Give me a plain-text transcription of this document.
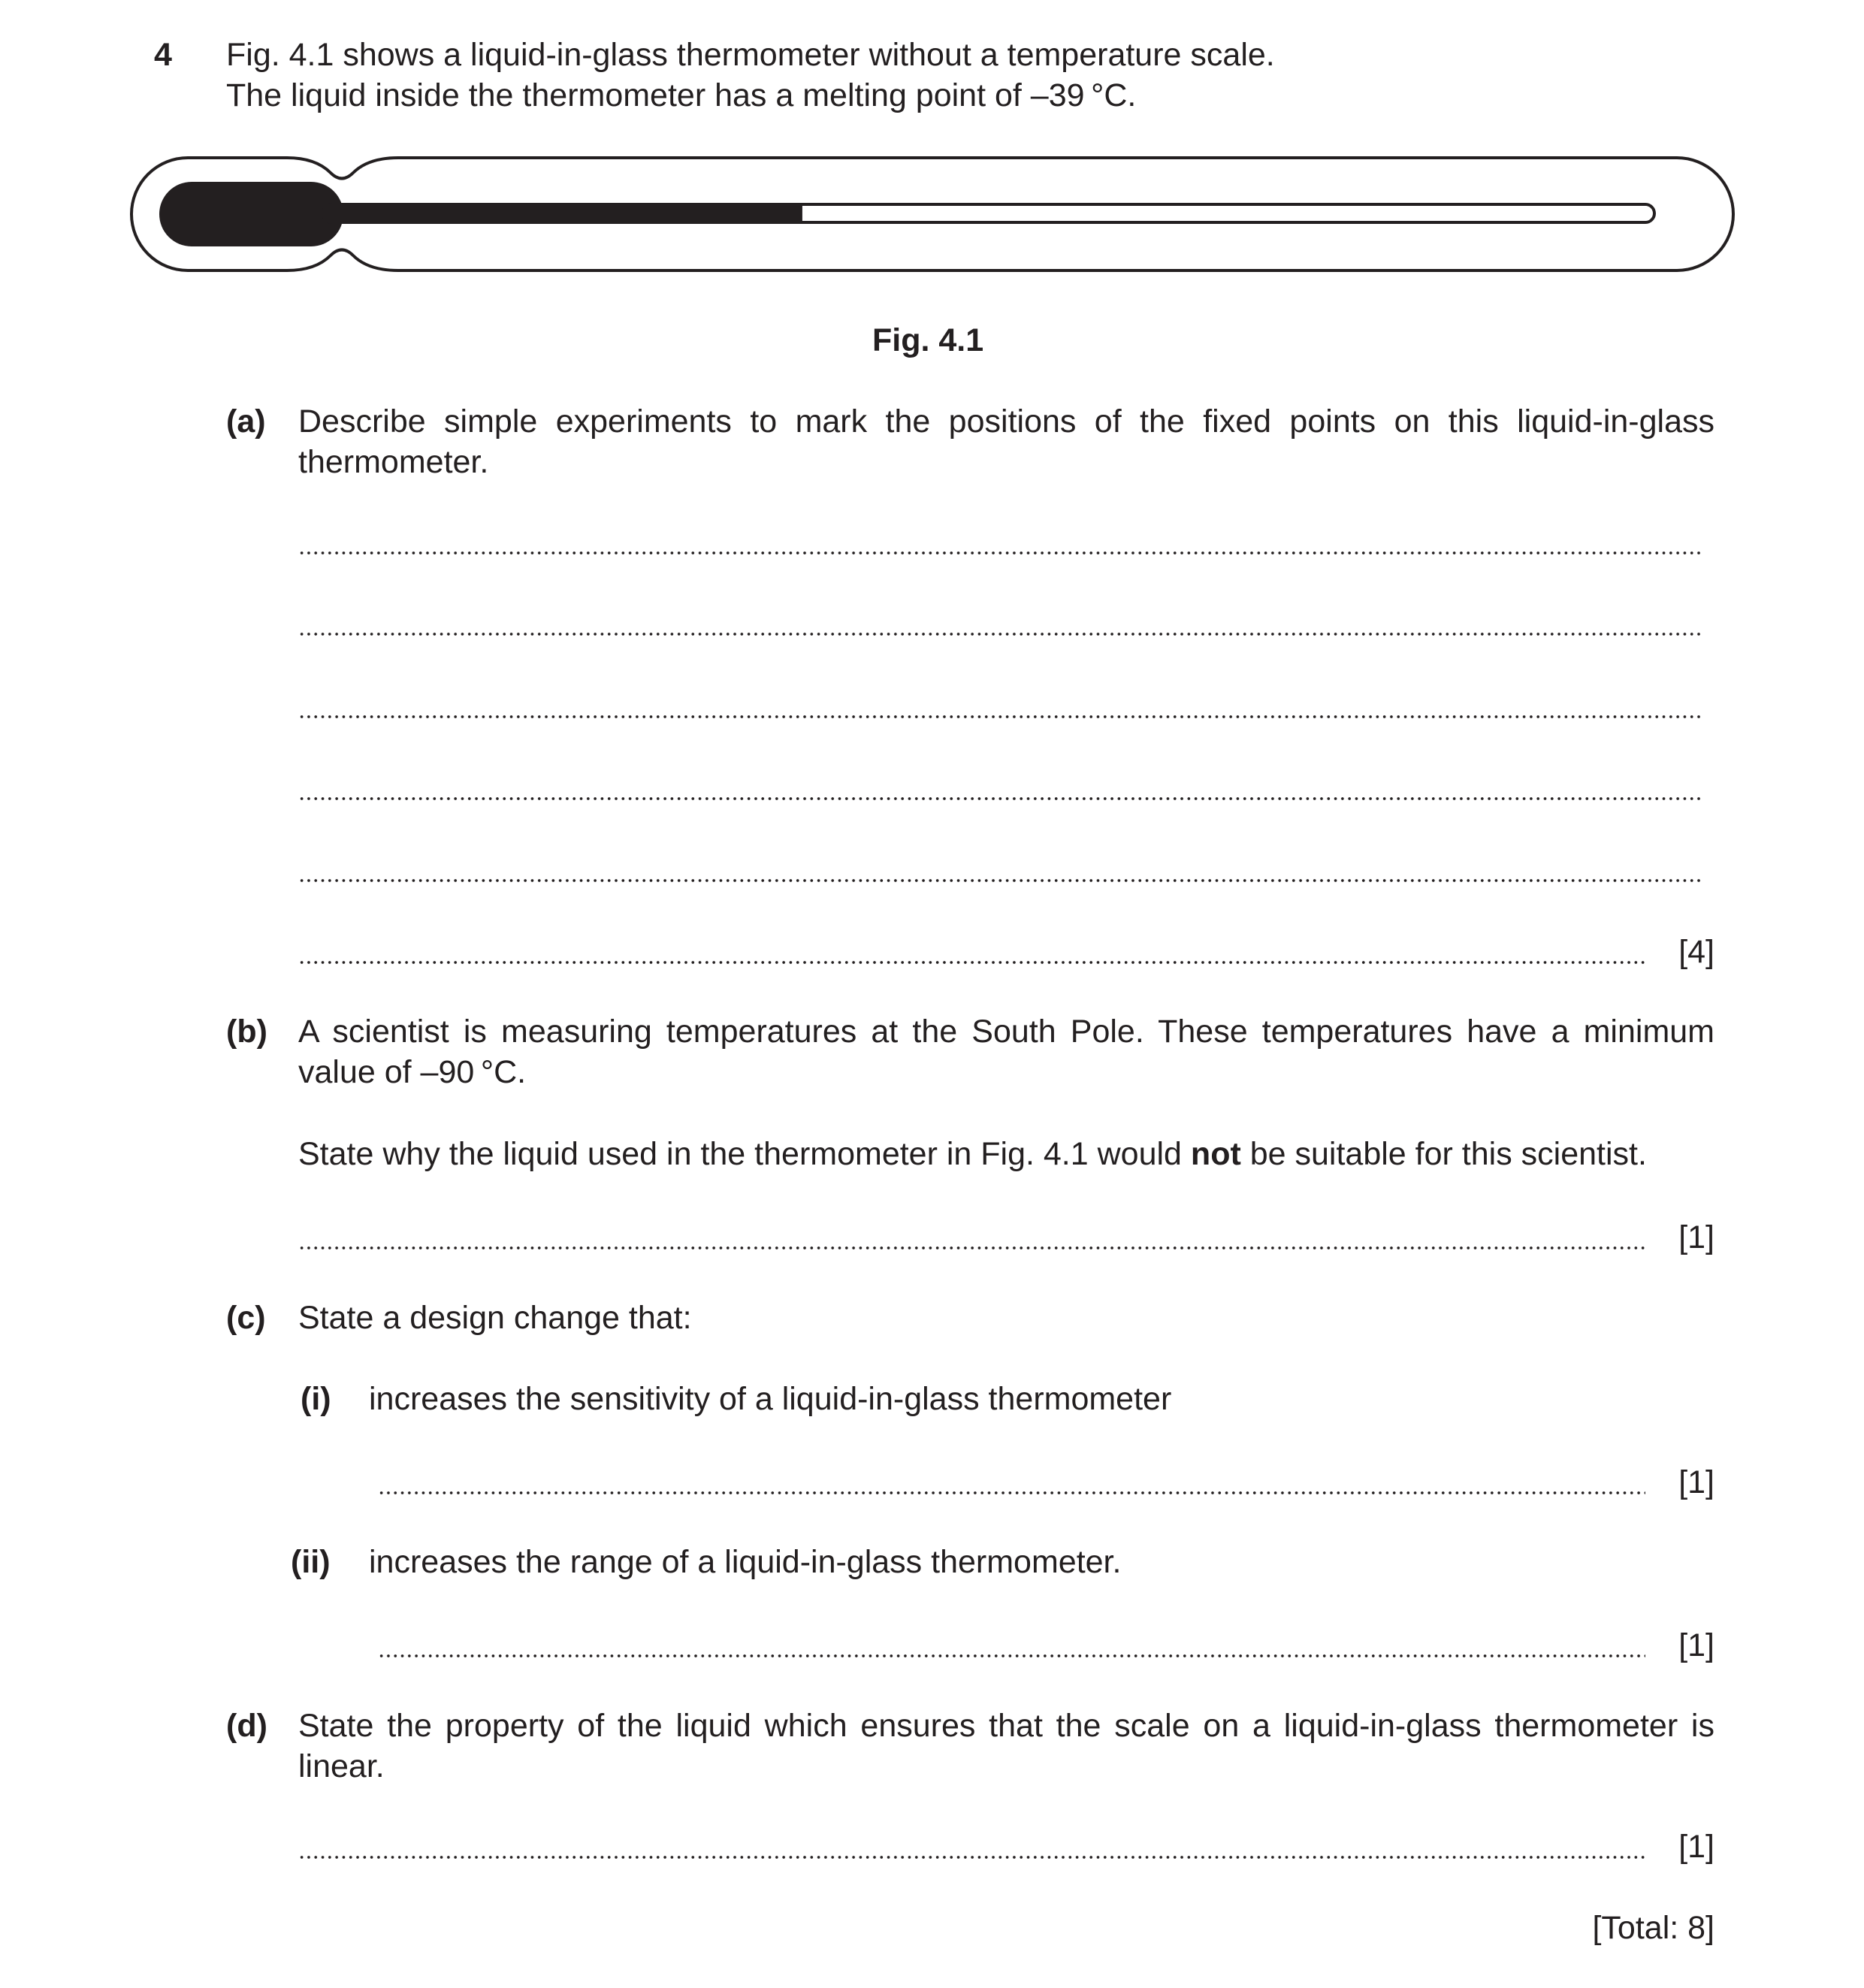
4 Fig. 4.1 shows a liquid-in-glass thermometer without a temperature scale.
The liquid inside the thermometer has a melting point of –39 °C.
Fig. 4.1
(a) Describe simple experiments to mark the positions of the fixed points on this liquid-in-glass thermometer.
[4]
(b) A scientist is measuring temperatures at the South Pole. These temperatures have a minimum value of –90 °C.
State why the liquid used in the thermometer in Fig. 4.1 would not be suitable for this scientist.
[1]
(c) State a design change that:
(i) increases the sensitivity of a liquid-in-glass thermometer
[1]
(ii) increases the range of a liquid-in-glass thermometer.
[1]
(d) State the property of the liquid which ensures that the scale on a liquid-in-glass thermometer is linear.
[1]
[Total: 8]
